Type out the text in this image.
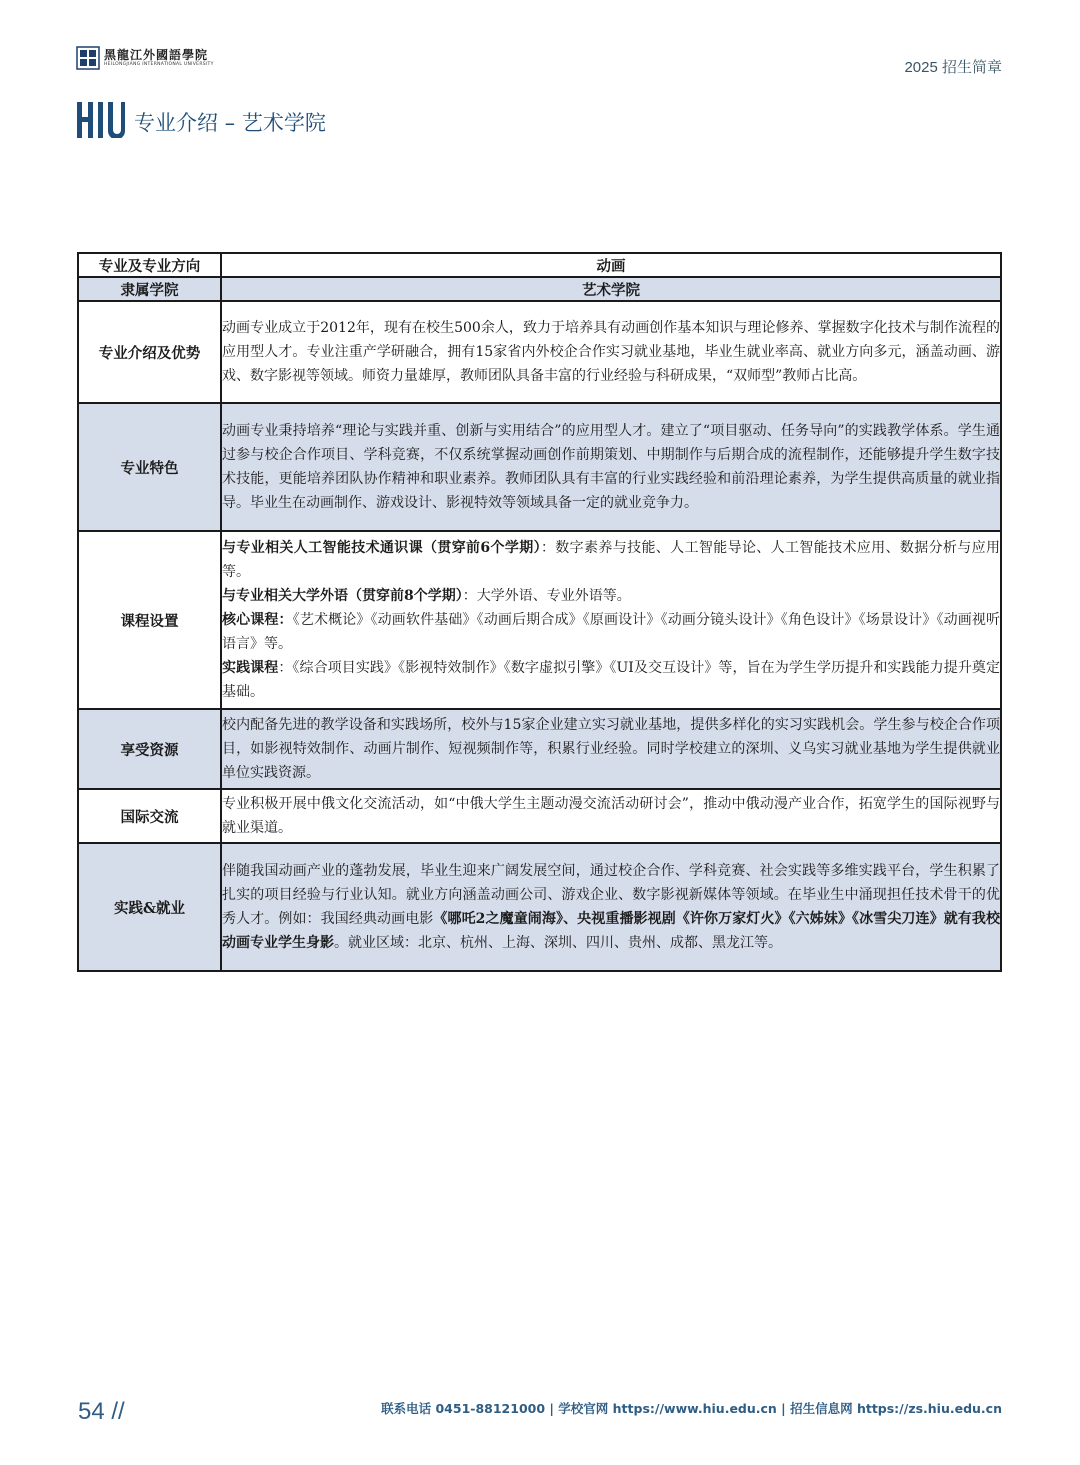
黑龍江外國語學院
HEILONGJIANG INTERNATIONAL UNIVERSITY	2025 招生简章
专业介绍 – 艺术学院
专业及专业方向	动画
隶属学院	艺术学院
专业介绍及优势	动画专业成立于2012年，现有在校生500余人，致力于培养具有动画创作基本知识与理论修养、掌握数字化技术与制作流程的应用型人才。专业注重产学研融合，拥有15家省内外校企合作实习就业基地，毕业生就业率高、就业方向多元，涵盖动画、游戏、数字影视等领域。师资力量雄厚，教师团队具备丰富的行业经验与科研成果，“双师型”教师占比高。
专业特色	动画专业秉持培养“理论与实践并重、创新与实用结合”的应用型人才。建立了“项目驱动、任务导向”的实践教学体系。学生通过参与校企合作项目、学科竞赛，不仅系统掌握动画创作前期策划、中期制作与后期合成的流程制作，还能够提升学生数字技术技能，更能培养团队协作精神和职业素养。教师团队具有丰富的行业实践经验和前沿理论素养，为学生提供高质量的就业指导。毕业生在动画制作、游戏设计、影视特效等领域具备一定的就业竞争力。
课程设置	与专业相关人工智能技术通识课（贯穿前6个学期）：数字素养与技能、人工智能导论、人工智能技术应用、数据分析与应用等。
与专业相关大学外语（贯穿前8个学期）：大学外语、专业外语等。
核心课程：《艺术概论》《动画软件基础》《动画后期合成》《原画设计》《动画分镜头设计》《角色设计》《场景设计》《动画视听语言》等。
实践课程：《综合项目实践》《影视特效制作》《数字虚拟引擎》《UI及交互设计》等，旨在为学生学历提升和实践能力提升奠定基础。

享受资源	校内配备先进的教学设备和实践场所，校外与15家企业建立实习就业基地，提供多样化的实习实践机会。学生参与校企合作项目，如影视特效制作、动画片制作、短视频制作等，积累行业经验。同时学校建立的深圳、义乌实习就业基地为学生提供就业单位实践资源。
国际交流	专业积极开展中俄文化交流活动，如“中俄大学生主题动漫交流活动研讨会”，推动中俄动漫产业合作，拓宽学生的国际视野与就业渠道。
实践&就业	伴随我国动画产业的蓬勃发展，毕业生迎来广阔发展空间，通过校企合作、学科竞赛、社会实践等多维实践平台，学生积累了扎实的项目经验与行业认知。就业方向涵盖动画公司、游戏企业、数字影视新媒体等领域。在毕业生中涌现担任技术骨干的优秀人才。例如：我国经典动画电影《哪吒2之魔童闹海》、央视重播影视剧《许你万家灯火》《六姊妹》《冰雪尖刀连》就有我校动画专业学生身影。就业区域：北京、杭州、上海、深圳、四川、贵州、成都、黑龙江等。
54 //	联系电话 0451-88121000 | 学校官网 https://www.hiu.edu.cn | 招生信息网 https://zs.hiu.edu.cn
